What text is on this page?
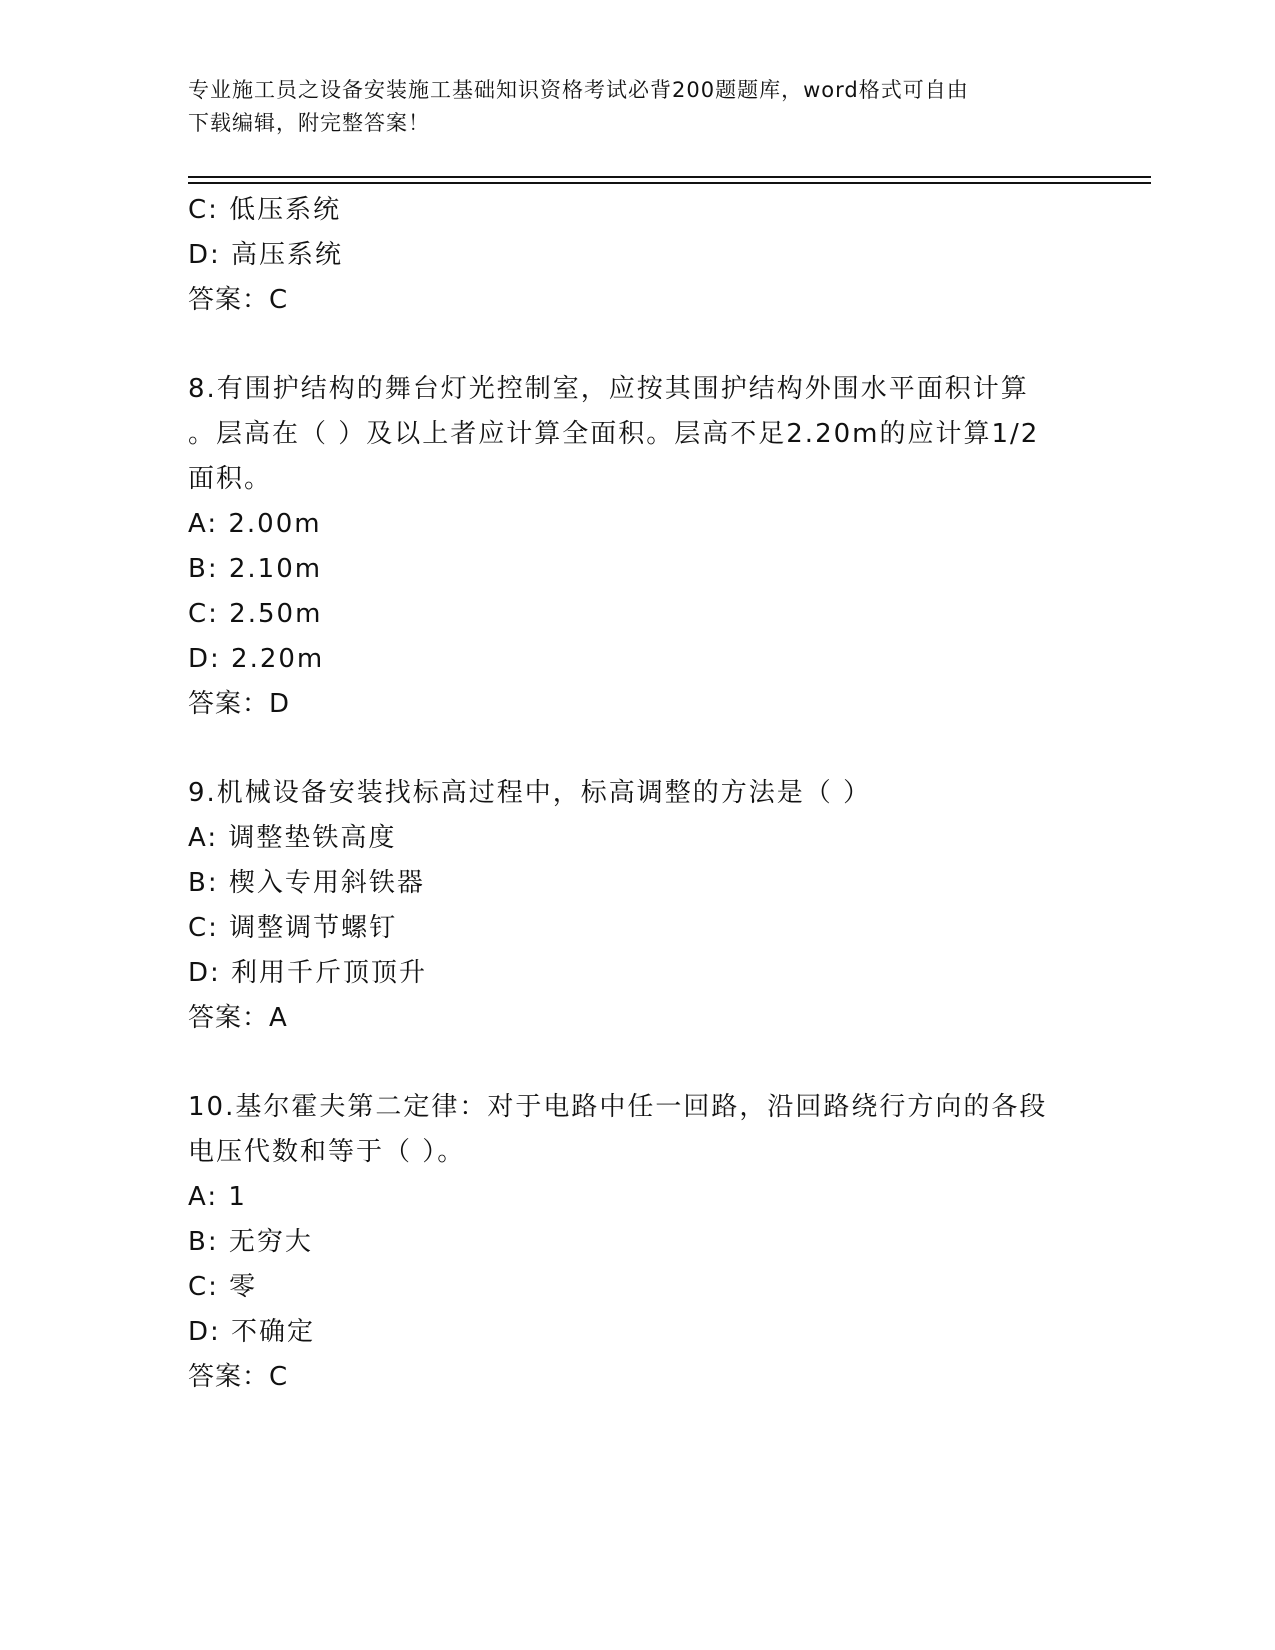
专业施工员之设备安装施工基础知识资格考试必背200题题库，word格式可自由
下载编辑，附完整答案！
C: 低压系统
D: 高压系统
答案：C
8.有围护结构的舞台灯光控制室，应按其围护结构外围水平面积计算
。层高在（ ）及以上者应计算全面积。层高不足2.20m的应计算1/2
面积。
A: 2.00m
B: 2.10m
C: 2.50m
D: 2.20m
答案：D
9.机械设备安装找标高过程中，标高调整的方法是（ ）
A: 调整垫铁高度
B: 楔入专用斜铁器
C: 调整调节螺钉
D: 利用千斤顶顶升
答案：A
10.基尔霍夫第二定律：对于电路中任一回路，沿回路绕行方向的各段
电压代数和等于（ ）。
A: 1
B: 无穷大
C: 零
D: 不确定
答案：C
